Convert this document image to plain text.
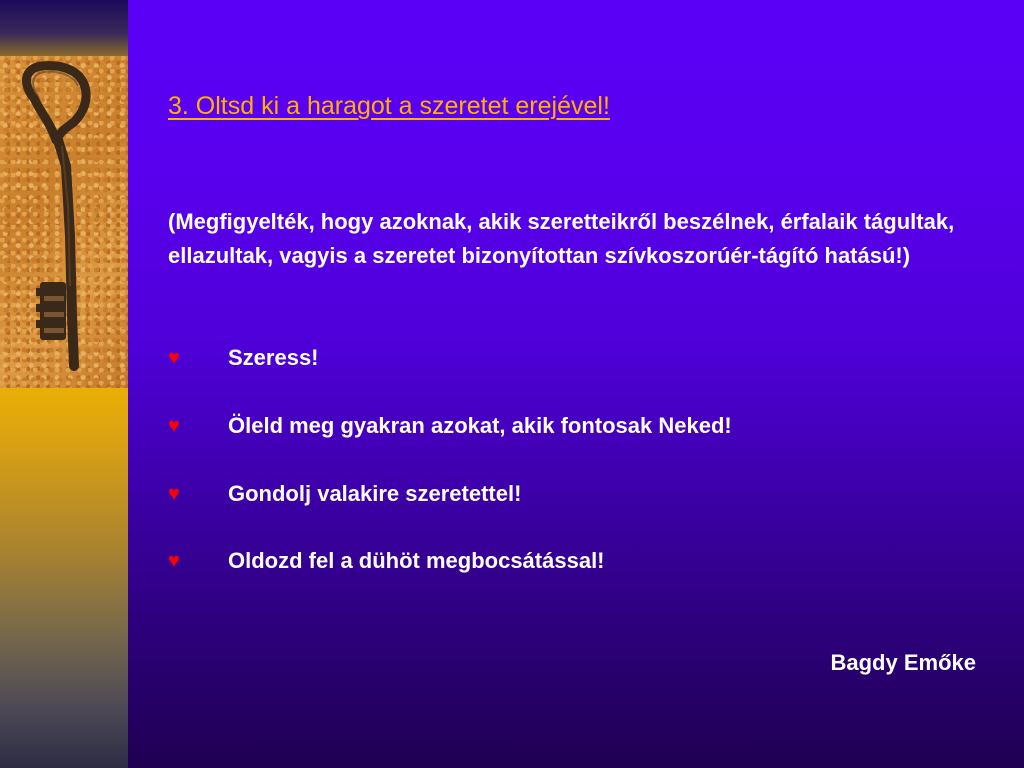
3. Oltsd ki a haragot a szeretet erejével!
(Megfigyelték, hogy azoknak, akik szeretteikről beszélnek, érfalaik tágultak, ellazultak, vagyis a szeretet bizonyítottan szívkoszorúér-tágító hatású!)
♥ Szeress!
♥ Öleld meg gyakran azokat, akik fontosak Neked!
♥ Gondolj valakire szeretettel!
♥ Oldozd fel a dühöt megbocsátással!
Bagdy Emőke
